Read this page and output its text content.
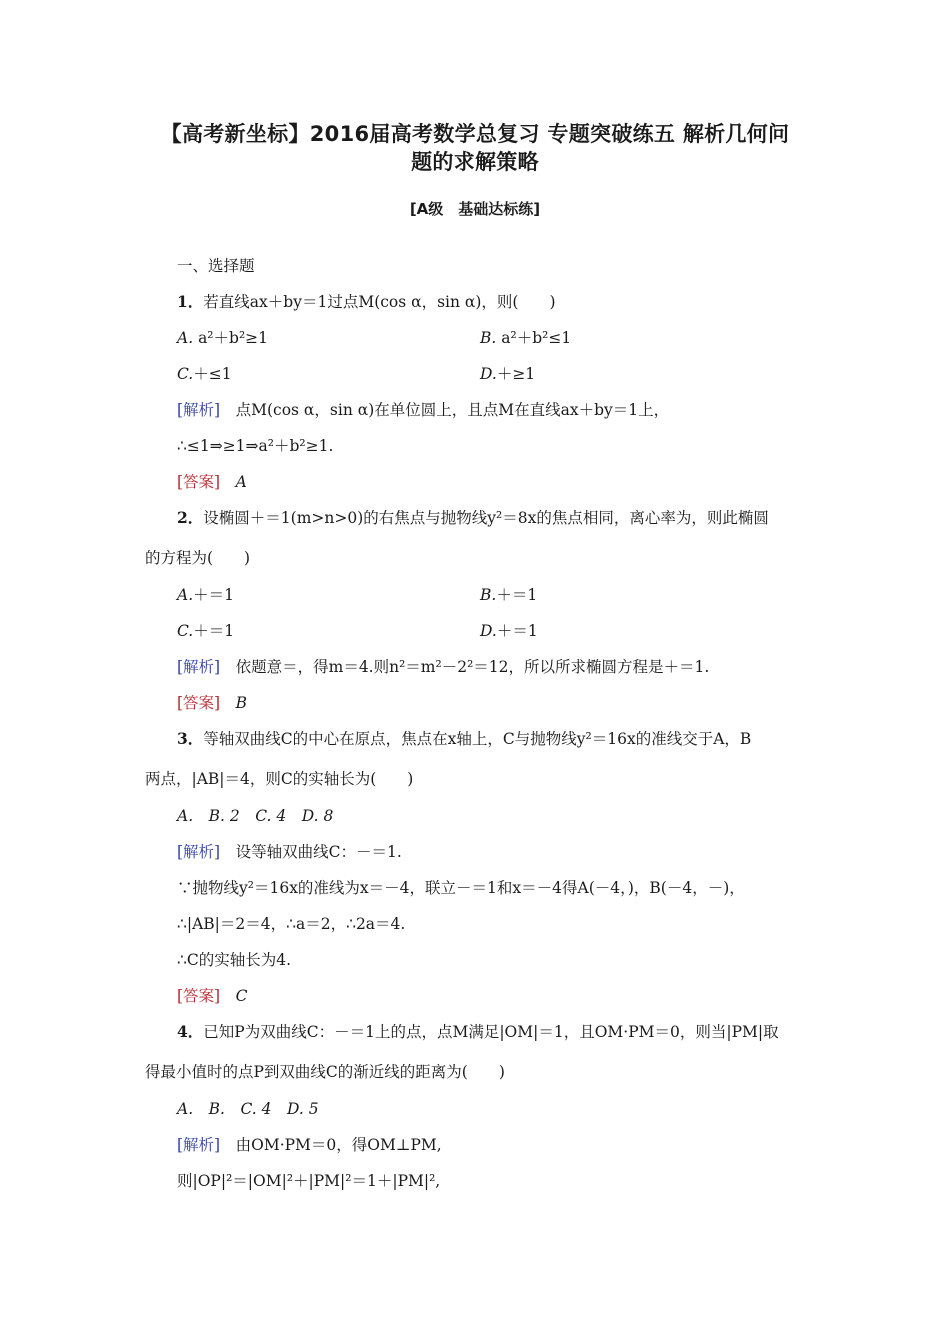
【高考新坐标】2016届高考数学总复习 专题突破练五 解析几何问
题的求解策略
[A级　基础达标练]
一、选择题
1．若直线ax＋by＝1过点M(cos α，sin α)，则(　　)
A. a²＋b²≥1	B. a²＋b²≤1
C.＋≤1	D.＋≥1
[解析]　 点M(cos α，sin α)在单位圆上，且点M在直线ax＋by＝1上，
∴≤1⇒≥1⇒a²＋b²≥1.
[答案]　 A
2．设椭圆＋＝1(m>n>0)的右焦点与抛物线y²＝8x的焦点相同，离心率为，则此椭圆
的方程为(　　)
A.＋＝1	B.＋＝1
C.＋＝1	D.＋＝1
[解析]　 依题意＝，得m＝4.则n²＝m²－2²＝12，所以所求椭圆方程是＋＝1.
[答案]　 B
3．等轴双曲线C的中心在原点，焦点在x轴上，C与抛物线y²＝16x的准线交于A，B
两点，|AB|＝4，则C的实轴长为(　　)
A.　B. 2　C. 4　D. 8
[解析]　 设等轴双曲线C：－＝1.
∵抛物线y²＝16x的准线为x＝－4，联立－＝1和x＝－4得A(－4，)，B(－4，－)，
∴|AB|＝2＝4，∴a＝2，∴2a＝4.
∴C的实轴长为4.
[答案]　 C
4．已知P为双曲线C：－＝1上的点，点M满足|OM|＝1，且OM·PM＝0，则当|PM|取
得最小值时的点P到双曲线C的渐近线的距离为(　　)
A.　B.　C. 4　D. 5
[解析]　 由OM·PM＝0，得OM⊥PM,
则|OP|²＝|OM|²＋|PM|²＝1＋|PM|²,
